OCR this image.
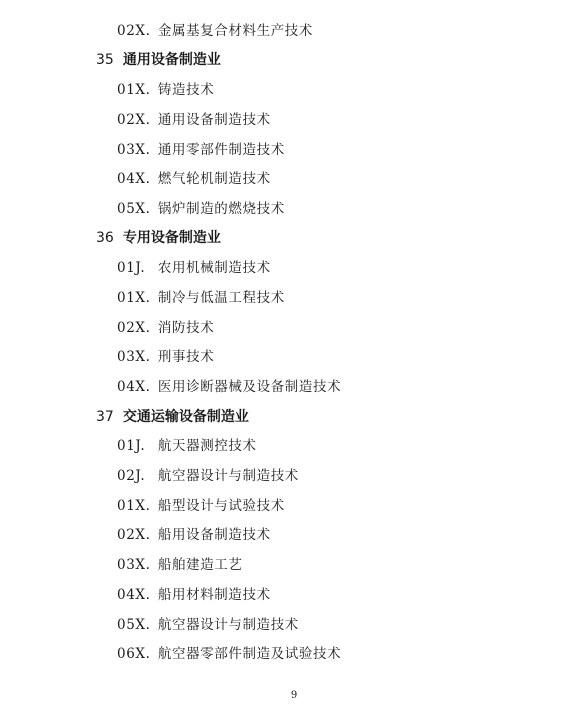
02X. 金属基复合材料生产技术
35 通用设备制造业
01X. 铸造技术
02X. 通用设备制造技术
03X. 通用零部件制造技术
04X. 燃气轮机制造技术
05X. 锅炉制造的燃烧技术
36 专用设备制造业
01J. 农用机械制造技术
01X. 制冷与低温工程技术
02X. 消防技术
03X. 刑事技术
04X. 医用诊断器械及设备制造技术
37 交通运输设备制造业
01J. 航天器测控技术
02J. 航空器设计与制造技术
01X. 船型设计与试验技术
02X. 船用设备制造技术
03X. 船舶建造工艺
04X. 船用材料制造技术
05X. 航空器设计与制造技术
06X. 航空器零部件制造及试验技术
9
